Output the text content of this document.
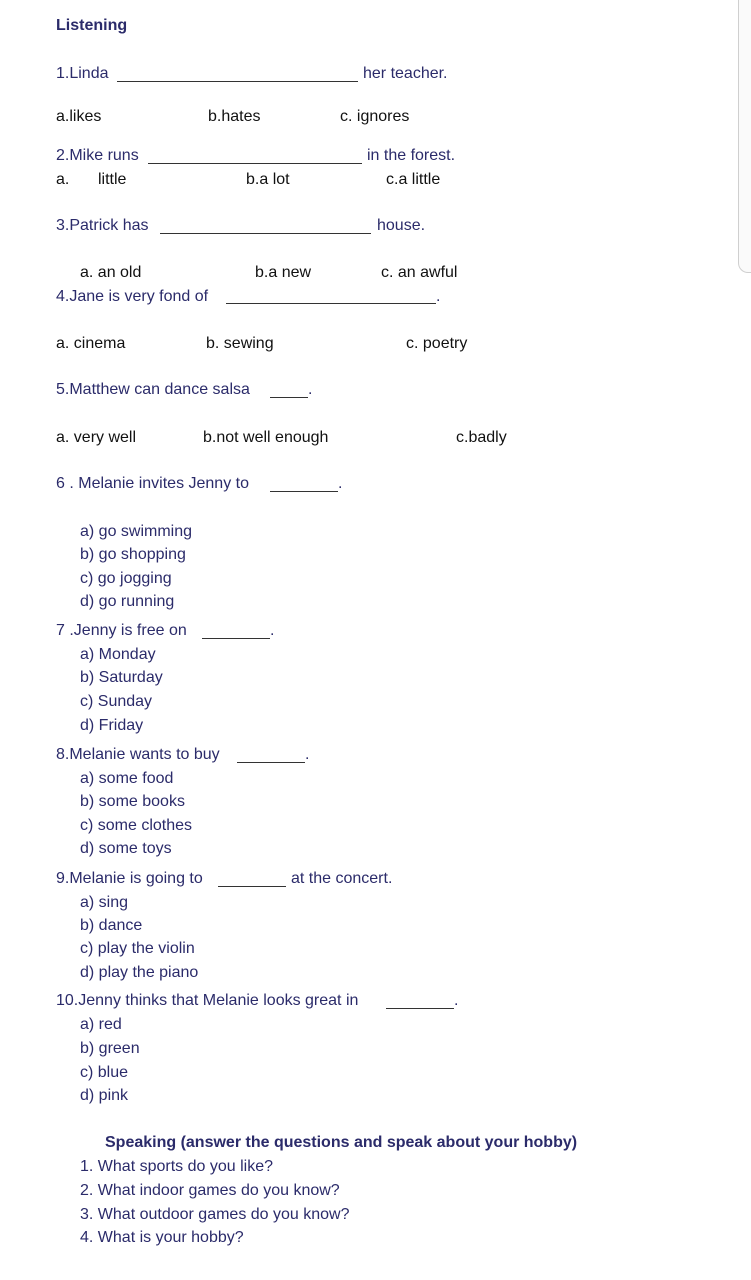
Listening
1.Linda	her teacher.
a.likes	b.hates	c. ignores
2.Mike runs	in the forest.
a. little	b.a lot	c.a little
3.Patrick has	house.
a. an old	b.a new	c. an awful
4.Jane is very fond of	.
a. cinema	b. sewing	c. poetry
5.Matthew can dance salsa	.
a. very well	b.not well enough	c.badly
6 . Melanie invites Jenny to	.
a) go swimming
b) go shopping
c) go jogging
d) go running
7 .Jenny is free on	.
a) Monday
b) Saturday
c) Sunday
d) Friday
8.Melanie wants to buy	.
a) some food
b) some books
c) some clothes
d) some toys
9.Melanie is going to	at the concert.
a) sing
b) dance
c) play the violin
d) play the piano
10.Jenny thinks that Melanie looks great in	.
a) red
b) green
c) blue
d) pink
Speaking (answer the questions and speak about your hobby)
1. What sports do you like?
2. What indoor games do you know?
3. What outdoor games do you know?
4. What is your hobby?
